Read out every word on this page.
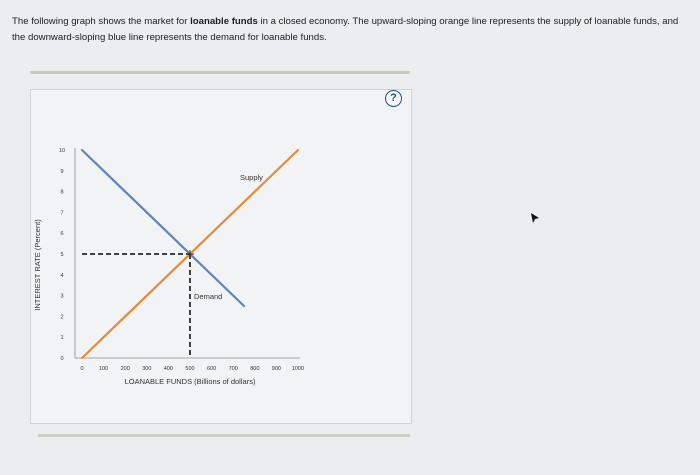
The following graph shows the market for loanable funds in a closed economy. The upward-sloping orange line represents the supply of loanable funds, and the downward-sloping blue line represents the demand for loanable funds.
?
0
1
2
3
4
5
6
7
8
9
10
0	100 200 300 400 500 600 700 800 900 1000
Supply
Demand
INTEREST RATE (Percent)
LOANABLE FUNDS (Billions of dollars)
